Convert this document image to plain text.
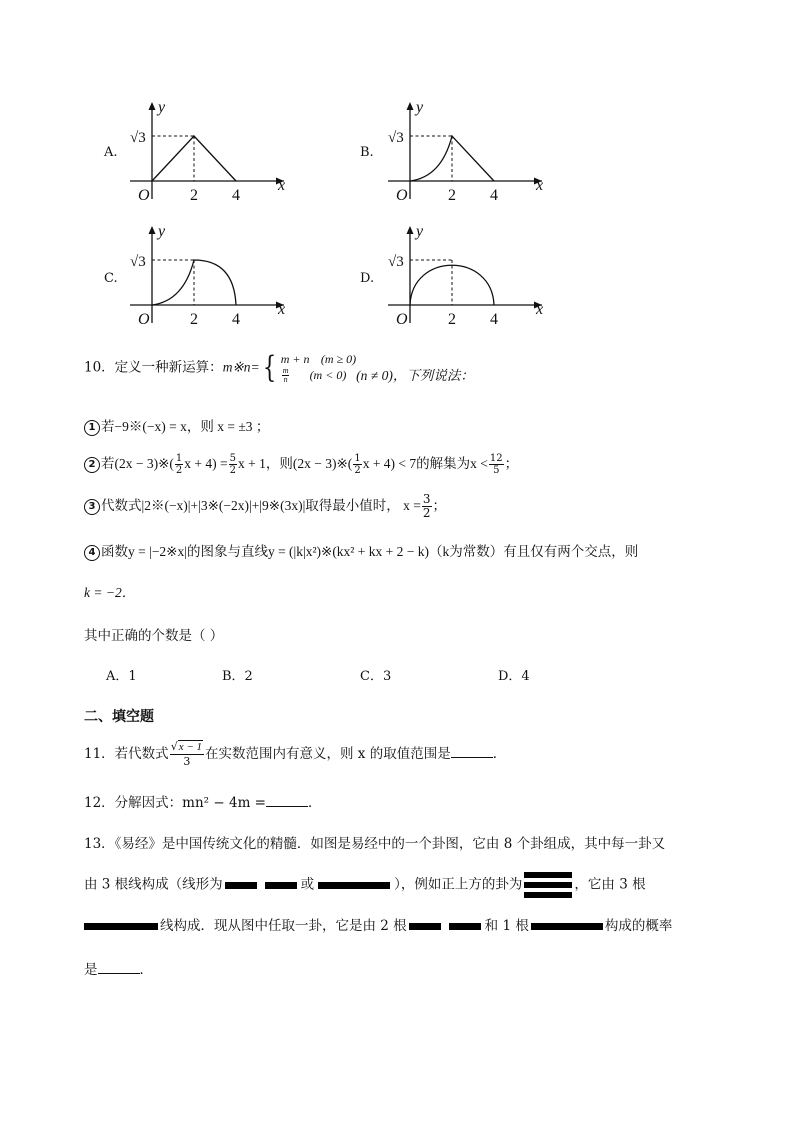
A.
y
x
O	2 4
√3
B.
y
x
O	2 4
√3
C.
y
x
O	2 4
√3
D.
y
x
O	2 4
√3
10．定义一种新运算：m※n={ m + n (m ≥ 0)
$\frac{m}{n} (m < 0) (n \ne 0)$，下列说法：
1 若−9※(−x) = x，则 x = ±3 ；
2 若(2x − 3)※( $\frac{1}{2}$ $x + 4) = \frac{5}{2}$ x + 1，则(2x − 3)※( $\frac{1}{2}$ x + 4) < 7的解集为$x < \frac{12}{5}$ ；
3 代数式|2※(−x)|+|3※(−2x)|+|9※(3x)|取得最小值时， $x = \frac{3}{2}$ ；
4 函数y = |−2※x|的图象与直线y = (|k|x²)※(kx² + kx + 2 − k)（k为常数）有且仅有两个交点，则
k = −2．
其中正确的个数是（ ）
A．1	B．2	C．3	D．4
二、填空题
11．若代数式 $\frac{√x - 1}{3}$ 在实数范围内有意义，则 x 的取值范围是	．
12．分解因式：mn² − 4m =	．
13．《易经》是中国传统文化的精髓．如图是易经中的一个卦图，它由 8 个卦组成，其中每一卦又
由 3 根线构成（线形为	或	），例如正上方的卦为	，它由 3 根
线构成．现从图中任取一卦，它是由 2 根	和 1 根	构成的概率
是	．
